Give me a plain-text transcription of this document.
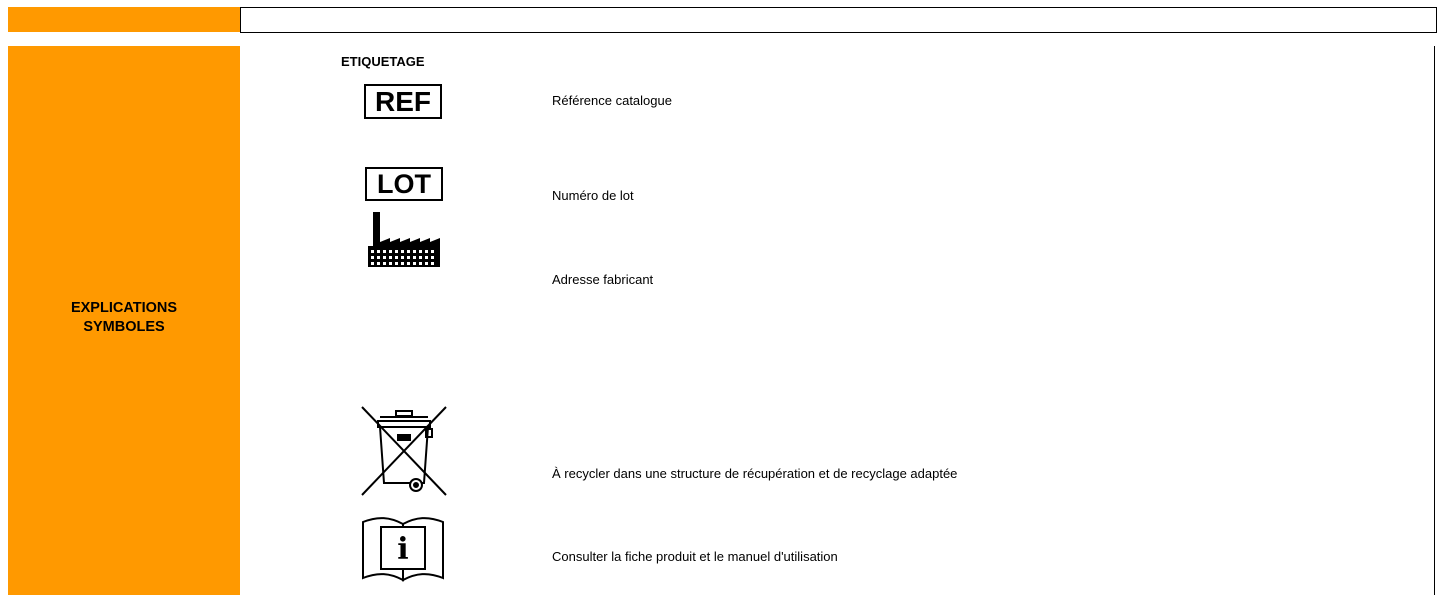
EXPLICATIONS
SYMBOLES
ETIQUETAGE
REF	Référence catalogue
LOT	Numéro de lot
Adresse fabricant
À recycler dans une structure de récupération et de recyclage adaptée
i	Consulter la fiche produit et le manuel d'utilisation
